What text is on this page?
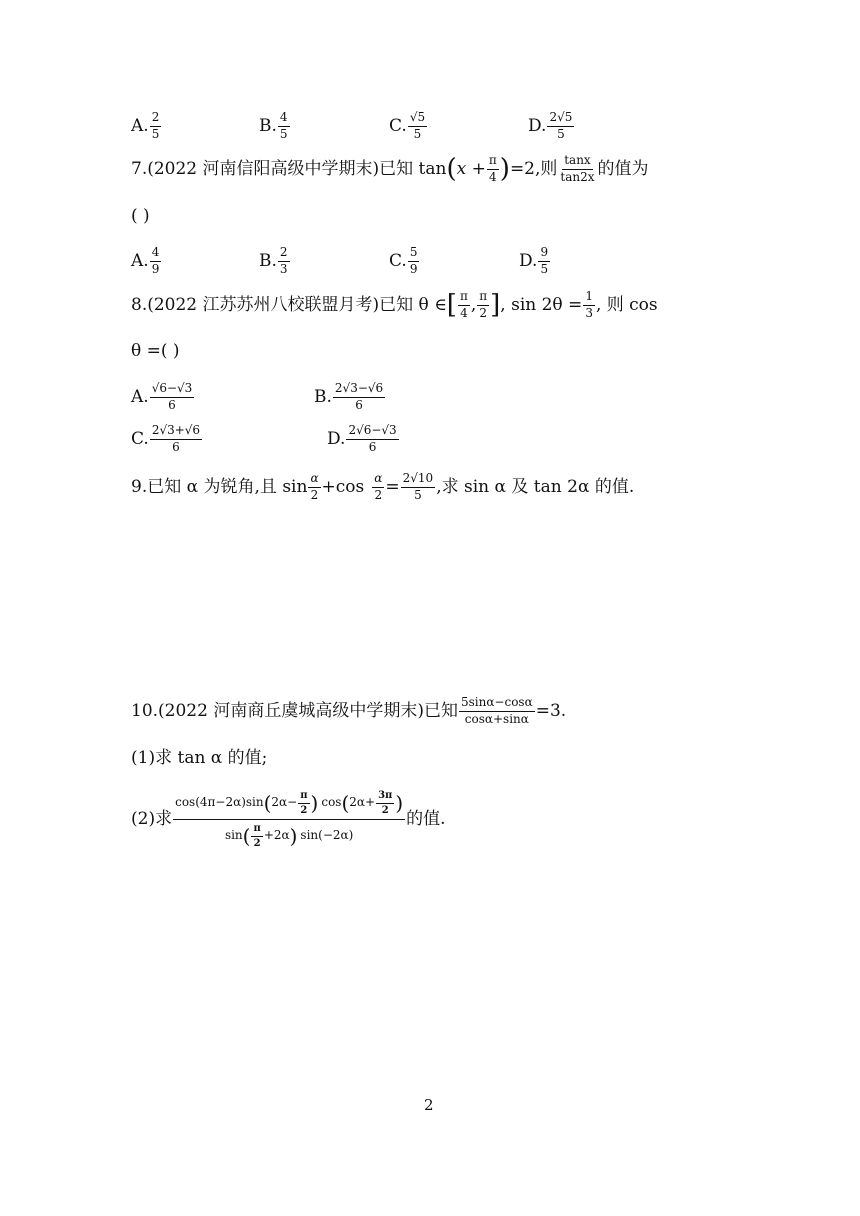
A. $\frac{2}{5}$	B. $\frac{4}{5}$	C. $\frac{√5}{5}$	D. $\frac{2√5}{5}$
7.(2022 河南信阳高级中学期末)已知 tan ( $x + \frac{\pi}{4}$ ) =2,则 $\frac{\tan x}{\tan 2x}$ 的值为
( )
A. $\frac{4}{9}$	B. $\frac{2}{3}$	C. $\frac{5}{9}$	D. $\frac{9}{5}$
8.(2022 江苏苏州八校联盟月考)已知 θ ∈ [ $\frac{\pi}{4}$ , $\frac{\pi}{2}$ ] , $\sin 2\theta = \frac{1}{3}$ , 则 cos
θ =( )
A. $\frac{√6-√3}{6}$	B. $\frac{2√3-√6}{6}$
C. $\frac{2√3+√6}{6}$	D. $\frac{2√6-√3}{6}$
9.已知 α 为锐角,且 $\sin \frac{\alpha}{2} +\cos \frac{\alpha}{2} = \frac{2√10}{5}$ ,求 sin α 及 tan 2α 的值.
10.(2022 河南商丘虞城高级中学期末)已知 $\frac{5\sin\alpha-\cos\alpha}{\cos\alpha+\sin\alpha} =3$.
(1)求 tan α 的值;
(2)求
cos(4π−2α)sin ( $2\alpha- \frac{\pi}{2}$ ) cos ( $2\alpha+ \frac{3\pi}{2}$ )
sin ( $\frac{\pi}{2} +2\alpha$ ) sin(−2α)
的值.
2
